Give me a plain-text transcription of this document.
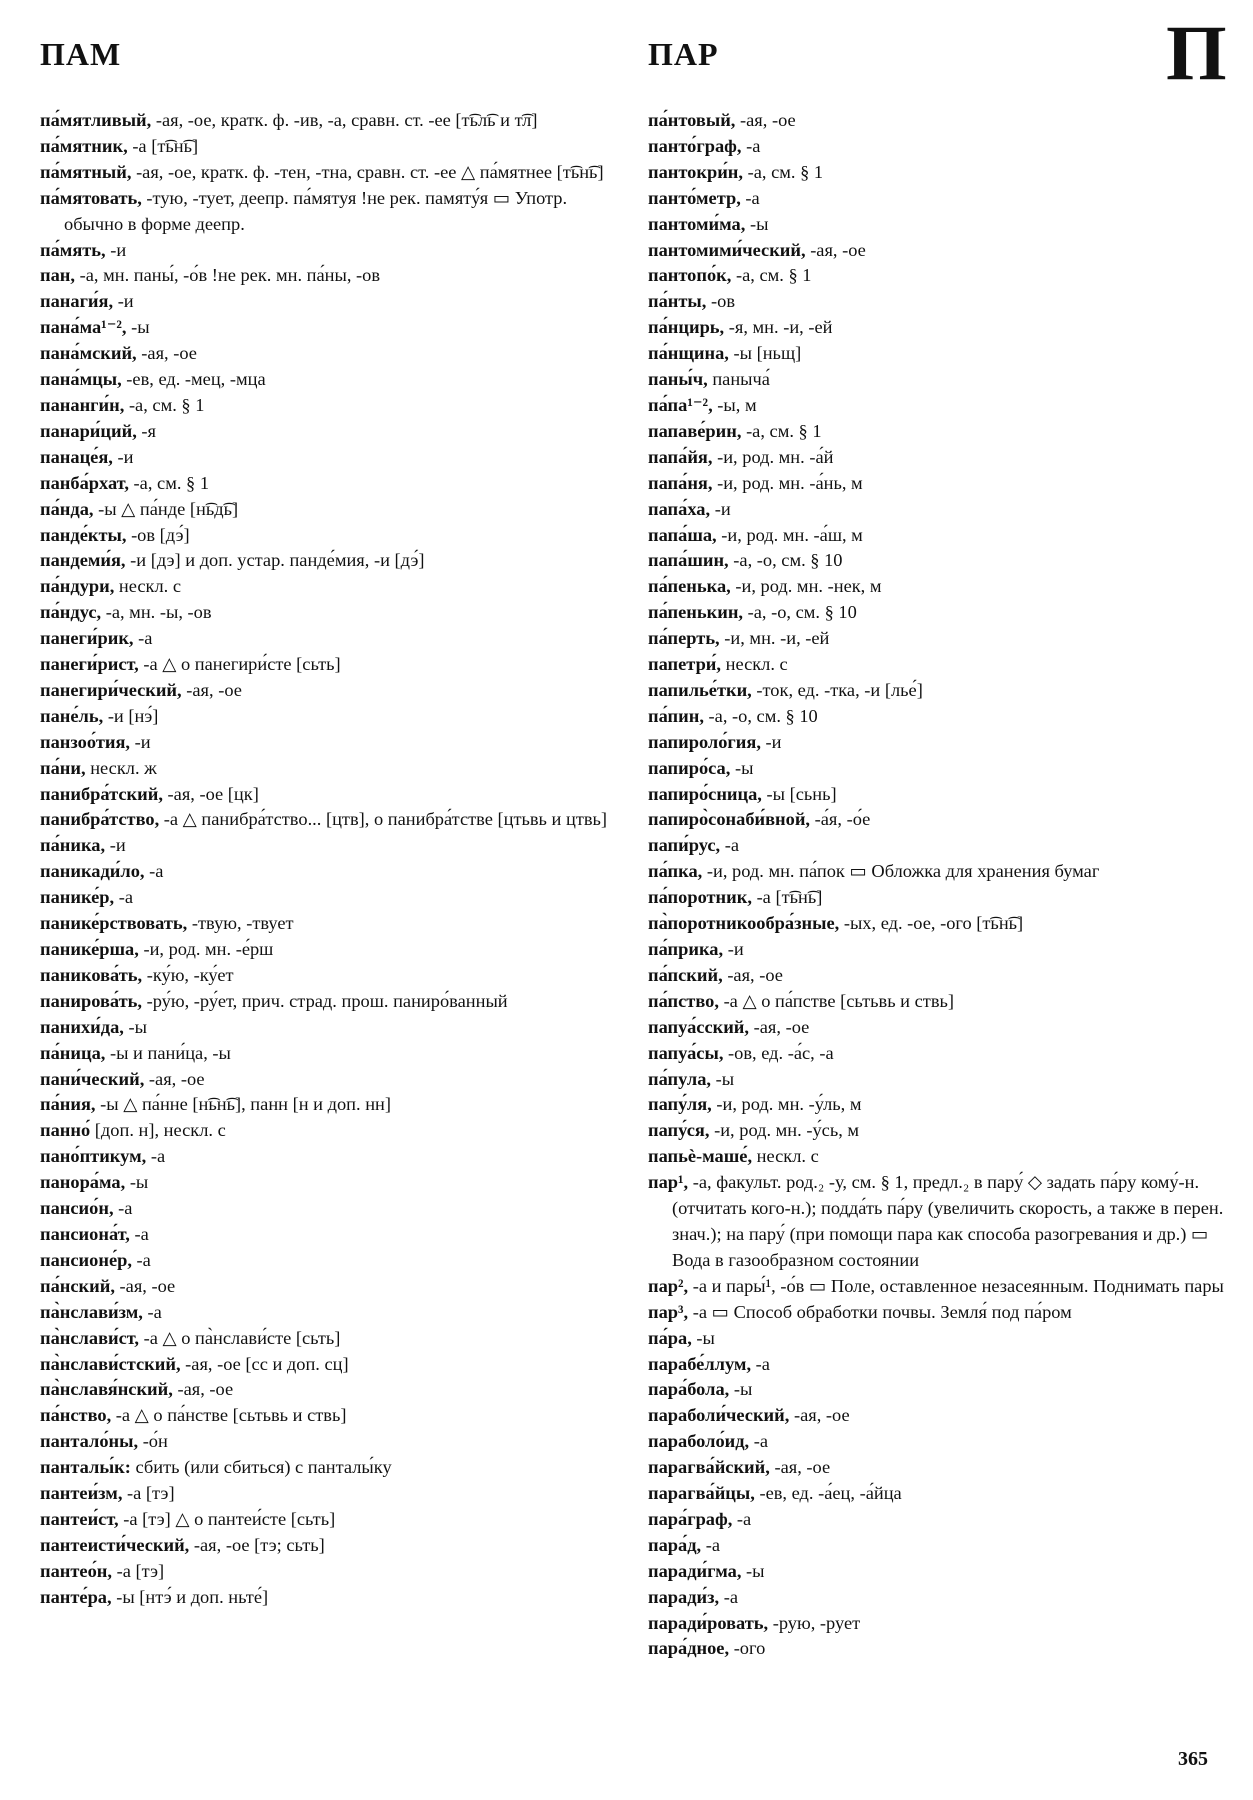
ПАМ	ПАР	П
па́мятливый, -ая, -ое, кратк. ф. -ив, -а, сравн. ст. -ее [т͡ьл͡ь и т͡л]
па́мятник, -а [т͡ьн͡ь]
па́мятный, -ая, -ое, кратк. ф. -тен, -тна, сравн. ст. -ее △ па́мятнее [т͡ьн͡ь]
па́мятовать, -тую, -тует, деепр. па́мятуя !не рек. памяту́я ▭ Употр. обычно в форме деепр.
па́мять, -и
пан, -а, мн. паны́, -о́в !не рек. мн. па́ны, -ов
панаги́я, -и
пана́ма¹⁻², -ы
пана́мский, -ая, -ое
пана́мцы, -ев, ед. -мец, -мца
пананги́н, -а, см. § 1
панари́ций, -я
панаце́я, -и
панба́рхат, -а, см. § 1
па́нда, -ы △ па́нде [н͡ьд͡ь]
панде́кты, -ов [дэ́]
пандеми́я, -и [дэ] и доп. устар. панде́мия, -и [дэ́]
па́ндури, нескл. с
па́ндус, -а, мн. -ы, -ов
панеги́рик, -а
панеги́рист, -а △ о панегири́сте [сьть]
панегири́ческий, -ая, -ое
пане́ль, -и [нэ́]
панзоо́тия, -и
па́ни, нескл. ж
панибра́тский, -ая, -ое [цк]
панибра́тство, -а △ панибра́тство... [цтв], о панибра́тстве [цтьвь и цтвь]
па́ника, -и
паникади́ло, -а
панике́р, -а
панике́рствовать, -твую, -твует
панике́рша, -и, род. мн. -е́рш
паникова́ть, -ку́ю, -ку́ет
панирова́ть, -ру́ю, -ру́ет, прич. страд. прош. паниро́ванный
панихи́да, -ы
па́ница, -ы и пани́ца, -ы
пани́ческий, -ая, -ое
па́ния, -ы △ па́нне [н͡ьн͡ь], панн [н и доп. нн]
панно́ [доп. н], нескл. с
пано́птикум, -а
панора́ма, -ы
пансио́н, -а
пансиона́т, -а
пансионе́р, -а
па́нский, -ая, -ое
па̀нслави́зм, -а
па̀нслави́ст, -а △ о па̀нслави́сте [сьть]
па̀нслави́стский, -ая, -ое [сс и доп. сц]
па̀нславя́нский, -ая, -ое
па́нство, -а △ о па́нстве [сьтьвь и ствь]
пантало́ны, -о́н
пантальı́к: сбить (или сбиться) с панталы́ку
пантеи́зм, -а [тэ]
пантеи́ст, -а [тэ] △ о пантеи́сте [сьть]
пантеисти́ческий, -ая, -ое [тэ; сьть]
пантео́н, -а [тэ]
панте́ра, -ы [нтэ́ и доп. ньте́]
па́нтовый, -ая, -ое
панто́граф, -а
пантокри́н, -а, см. § 1
панто́метр, -а
пантоми́ма, -ы
пантомими́ческий, -ая, -ое
пантопо́к, -а, см. § 1
па́нты, -ов
па́нцирь, -я, мн. -и, -ей
па́нщина, -ы [ньщ]
паны́ч, паныча́
па́па¹⁻², -ы, м
папаве́рин, -а, см. § 1
папа́йя, -и, род. мн. -а́й
папа́ня, -и, род. мн. -а́нь, м
папа́ха, -и
папа́ша, -и, род. мн. -а́ш, м
папа́шин, -а, -о, см. § 10
па́пенька, -и, род. мн. -нек, м
па́пенькин, -а, -о, см. § 10
па́перть, -и, мн. -и, -ей
папетри́, нескл. с
папилье́тки, -ток, ед. -тка, -и [лье́]
па́пин, -а, -о, см. § 10
папироло́гия, -и
папиро́са, -ы
папиро́сница, -ы [сьнь]
папиро̀сонаби́вной, -а́я, -о́е
папи́рус, -а
па́пка, -и, род. мн. па́пок ▭ Обложка для хранения бумаг
па́поротник, -а [т͡ьн͡ь]
па̀поротникообра́зные, -ых, ед. -ое, -ого [т͡ьн͡ь]
па́прика, -и
па́пский, -ая, -ое
па́пство, -а △ о па́пстве [сьтьвь и ствь]
папуа́сский, -ая, -ое
папуа́сы, -ов, ед. -а́с, -а
па́пула, -ы
папу́ля, -и, род. мн. -у́ль, м
папу́ся, -и, род. мн. -у́сь, м
папьѐ-маше́, нескл. с
пар¹, -а, факульт. род.₂ -у, см. § 1, предл.₂ в пару́ ◇ задать па́ру кому́-н. (отчитать кого-н.); подда́ть па́ру (увеличить скорость, а также в перен. знач.); на пару́ (при помощи пара как способа разогревания и др.) ▭ Вода в газообразном состоянии
пар², -а и пары́¹, -о́в ▭ Поле, оставленное незасеянным. Поднимать пары
пар³, -а ▭ Способ обработки почвы. Земля́ под па́ром
па́ра, -ы
парабе́ллум, -а
пара́бола, -ы
параболи́ческий, -ая, -ое
параболо́ид, -а
парагва́йский, -ая, -ое
парагва́йцы, -ев, ед. -а́ец, -а́йца
пара́граф, -а
пара́д, -а
паради́гма, -ы
паради́з, -а
паради́ровать, -рую, -рует
пара́дное, -ого
365
